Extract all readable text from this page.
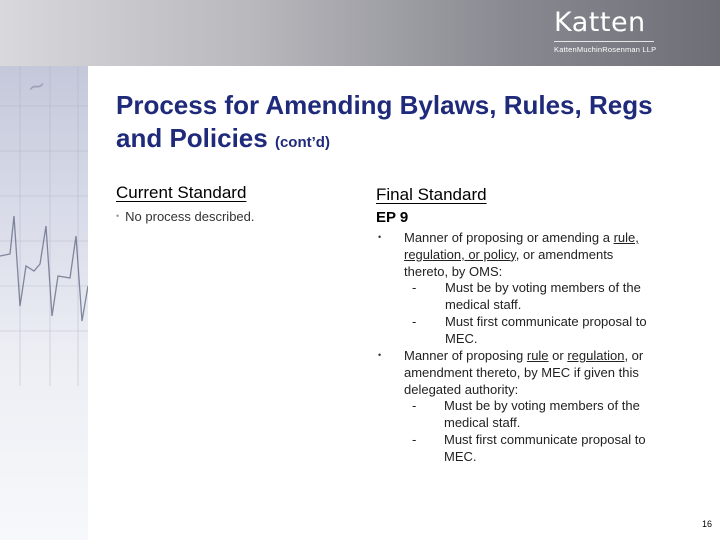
Katten
KattenMuchinRosenman LLP
~
Process for Amending Bylaws, Rules, Regs and Policies (cont’d)
Current Standard
• No process described.
Final Standard
EP 9
• Manner of proposing or amending a rule, regulation, or policy, or amendments thereto, by OMS:
- Must be by voting members of the medical staff.
- Must first communicate proposal to MEC.
• Manner of proposing rule or regulation, or amendment thereto, by MEC if given this delegated authority:
- Must be by voting members of the medical staff.
- Must first communicate proposal to MEC.
16
